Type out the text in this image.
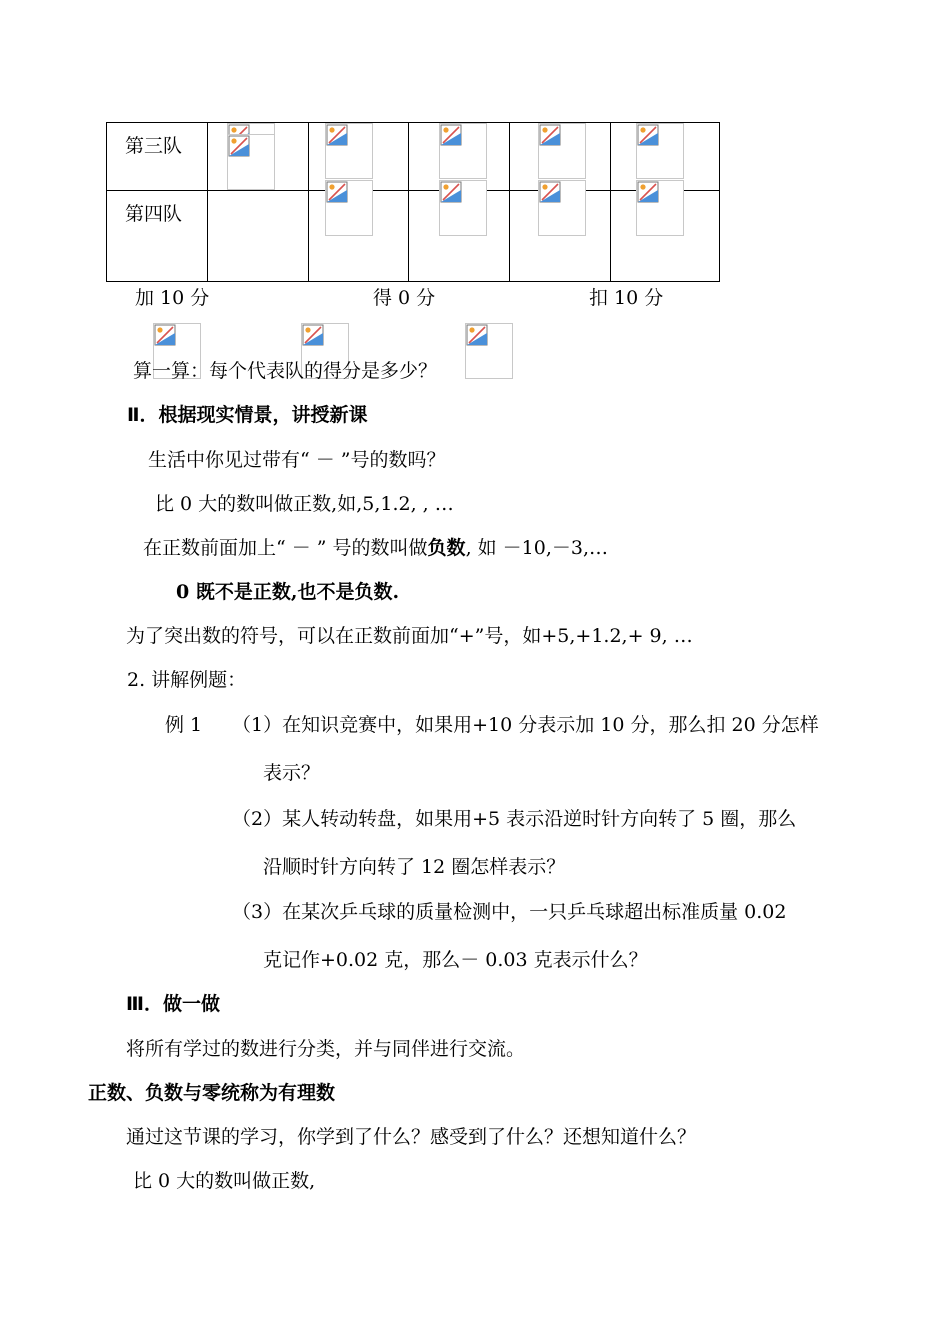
第三队					

第四队					

加 10 分	得 0 分	扣 10 分
算一算：每个代表队的得分是多少？
Ⅱ．根据现实情景，讲授新课
生活中你见过带有“ － ”号的数吗？
比 0 大的数叫做正数,如,5,1.2, , …
在正数前面加上“ － ” 号的数叫做负数, 如 －10,－3,…
0 既不是正数,也不是负数.
为了突出数的符号，可以在正数前面加“+”号，如+5,+1.2,+ 9, …
2. 讲解例题：
例 1 （1）在知识竞赛中，如果用+10 分表示加 10 分，那么扣 20 分怎样
表示？
（2）某人转动转盘，如果用+5 表示沿逆时针方向转了 5 圈，那么
沿顺时针方向转了 12 圈怎样表示？
（3）在某次乒乓球的质量检测中，一只乒乓球超出标准质量 0.02
克记作+0.02 克，那么－ 0.03 克表示什么？
Ⅲ．做一做
将所有学过的数进行分类，并与同伴进行交流。
正数、负数与零统称为有理数
通过这节课的学习，你学到了什么？感受到了什么？还想知道什么？
比 0 大的数叫做正数,
